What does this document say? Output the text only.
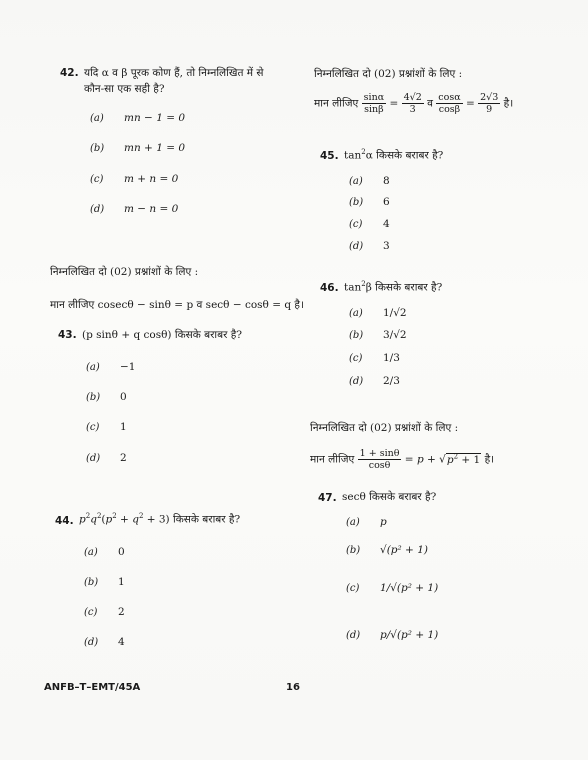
42. यदि α व β पूरक कोण हैं, तो निम्नलिखित में से
कौन-सा एक सही है?
(a) mn − 1 = 0
(b) mn + 1 = 0
(c) m + n = 0
(d) m − n = 0
निम्नलिखित दो (02) प्रश्नांशों के लिए :
मान लीजिए cosecθ − sinθ = p व secθ − cosθ = q है।
43. (p sinθ + q cosθ) किसके बराबर है?
(a) −1
(b) 0
(c) 1
(d) 2
44. $p^2q^2(p^2 + q^2 + 3)$ किसके बराबर है?
(a) 0
(b) 1
(c) 2
(d) 4
निम्नलिखित दो (02) प्रश्नांशों के लिए :
मान लीजिए $\frac{\sin\alpha}{\sin\beta} = \frac{4√2}{3}$ व $\frac{\cos\alpha}{\cos\beta} = \frac{2√3}{9}$ है।
45. $\tan^2\alpha$ किसके बराबर है?
(a) 8
(b) 6
(c) 4
(d) 3
46. $\tan^2\beta$ किसके बराबर है?
(a) 1/√2
(b) 3/√2
(c) 1/3
(d) 2/3
निम्नलिखित दो (02) प्रश्नांशों के लिए :
मान लीजिए $\frac{1 + \sin\theta}{\cos\theta} = p + √p^2 + 1$ है।
47. secθ किसके बराबर है?
(a) p
(b) √(p² + 1)
(c) 1/√(p² + 1)
(d) p/√(p² + 1)
ANFB–T–EMT/45A	16
